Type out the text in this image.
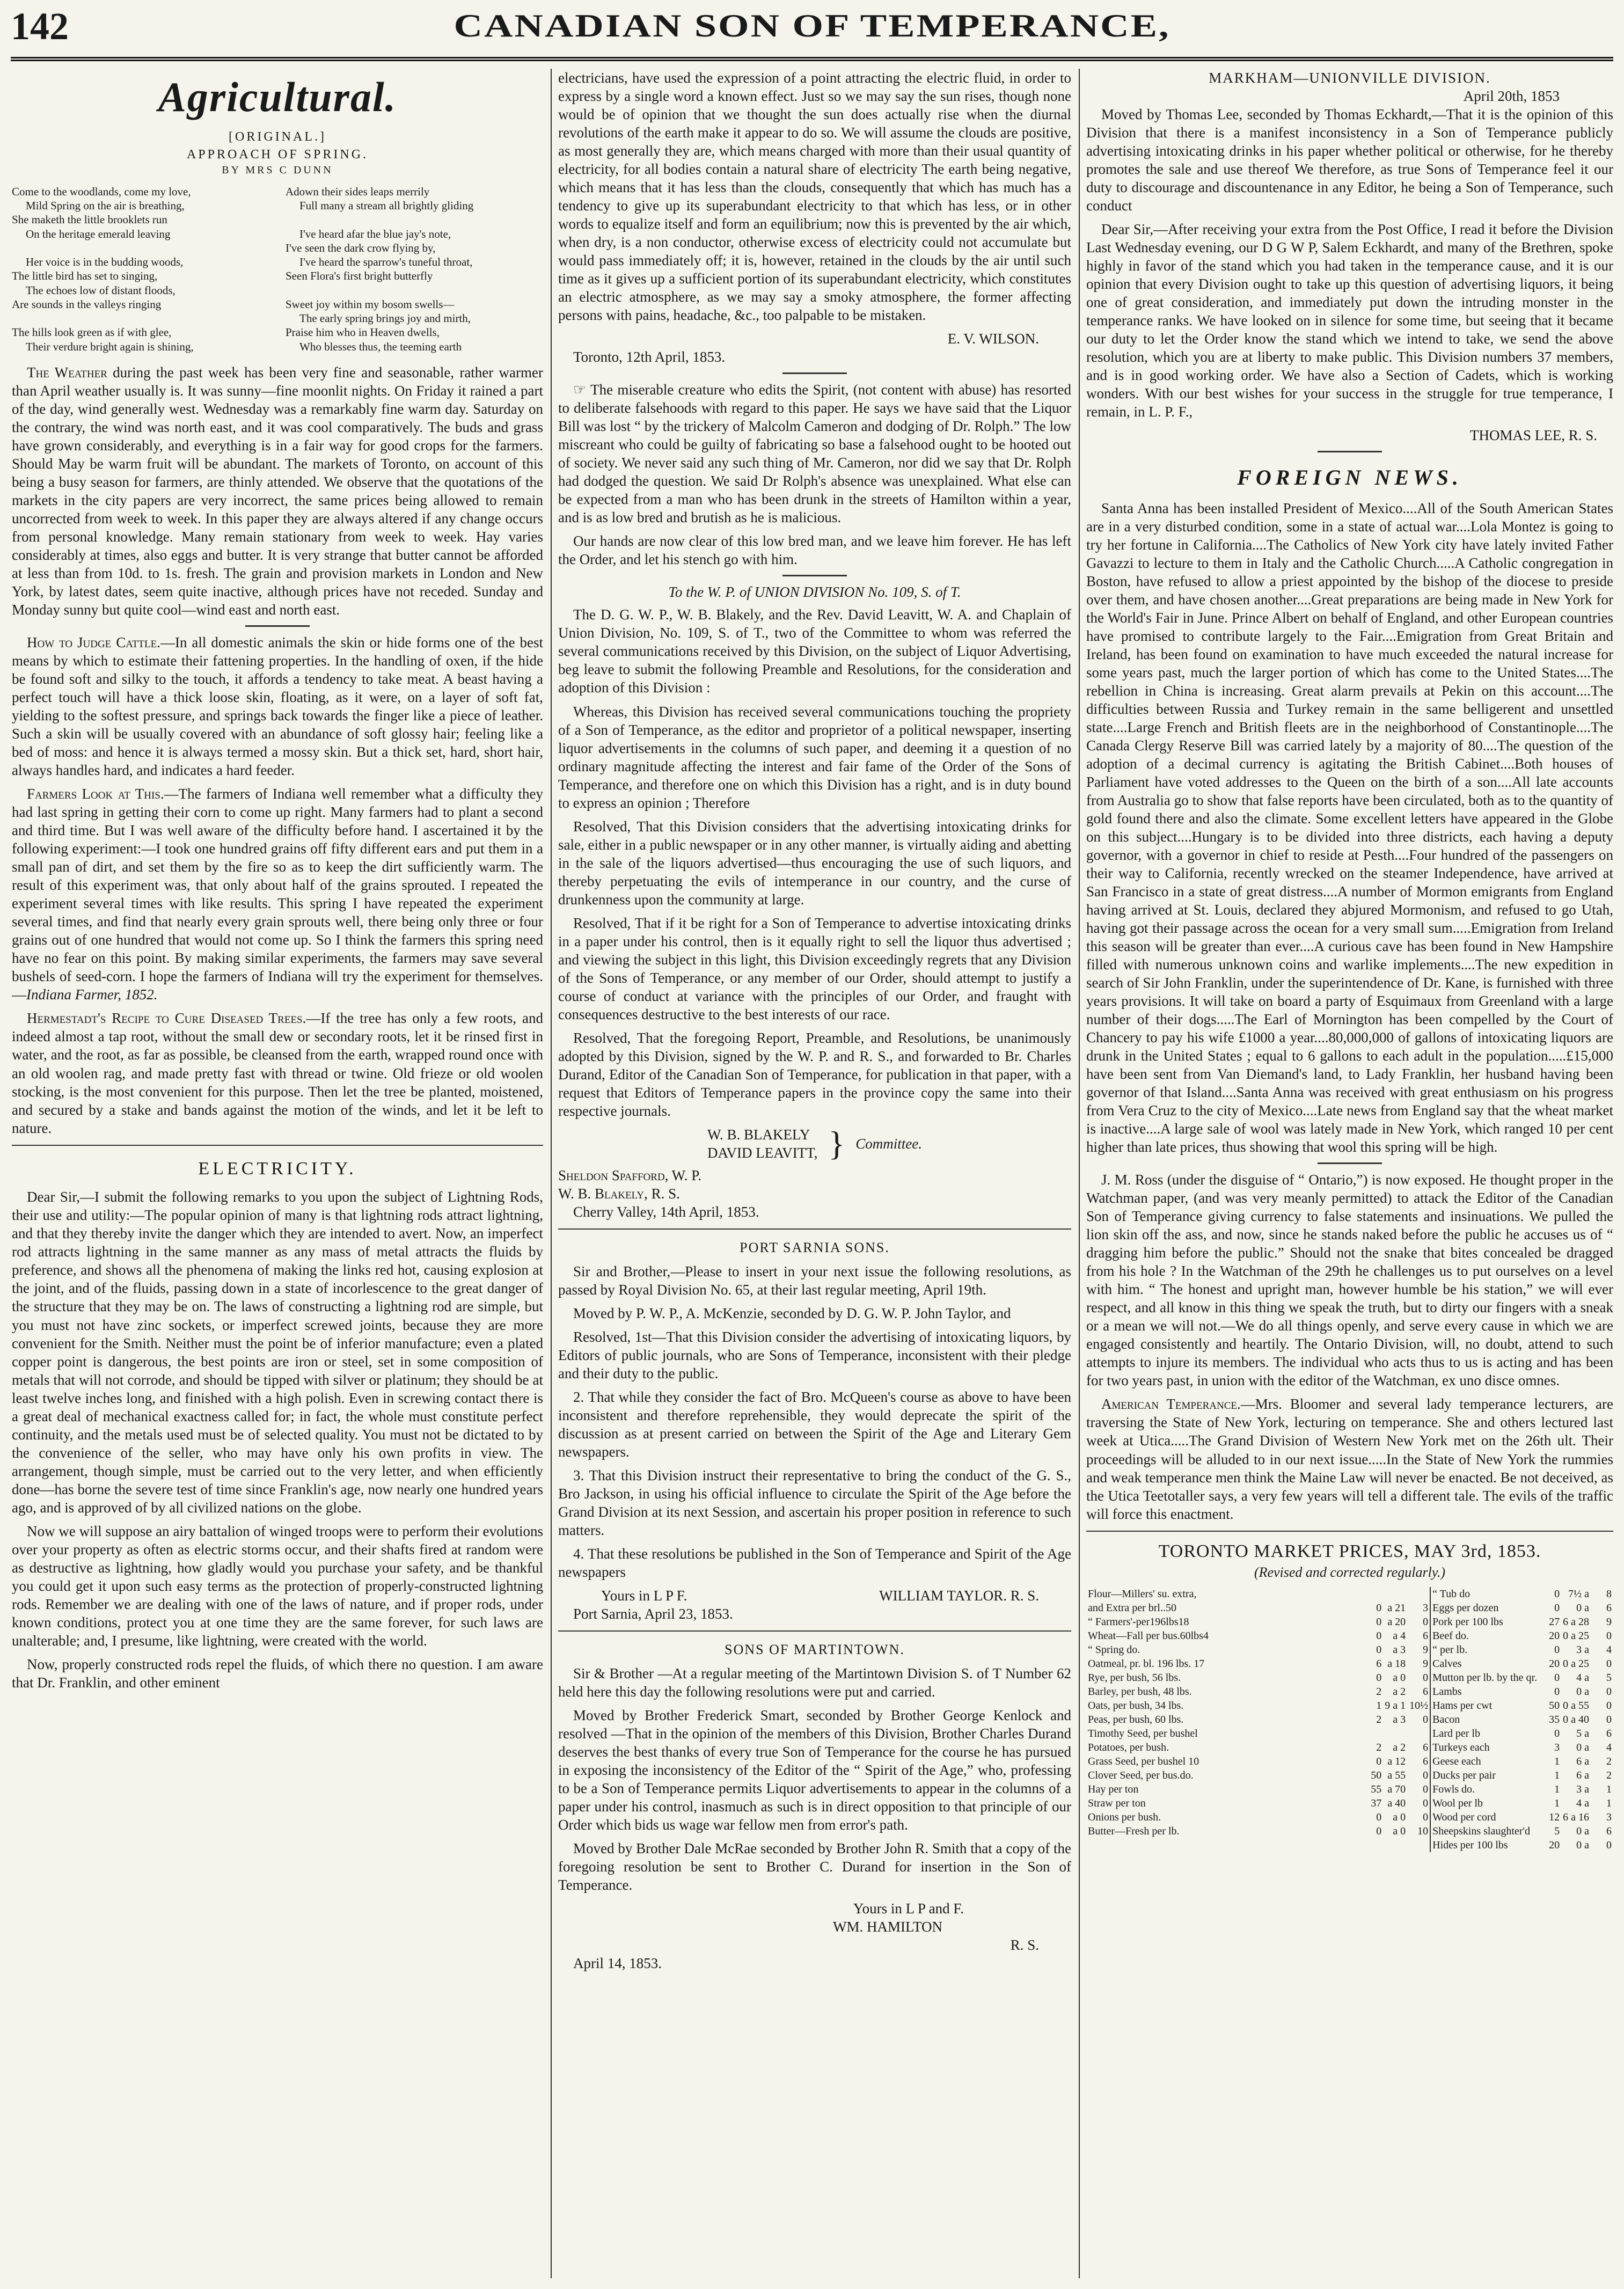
142	CANADIAN SON OF TEMPERANCE,
Agricultural.
[ORIGINAL.]
APPROACH OF SPRING.
BY MRS C DUNN
Come to the woodlands, come my love,
Mild Spring on the air is breathing,
She maketh the little brooklets run
On the heritage emerald leaving

Her voice is in the budding woods,
The little bird has set to singing,
The echoes low of distant floods,
Are sounds in the valleys ringing

The hills look green as if with glee,
Their verdure bright again is shining,
Adown their sides leaps merrily
Full many a stream all brightly gliding

I've heard afar the blue jay's note,
I've seen the dark crow flying by,
I've heard the sparrow's tuneful throat,
Seen Flora's first bright butterfly

Sweet joy within my bosom swells—
The early spring brings joy and mirth,
Praise him who in Heaven dwells,
Who blesses thus, the teeming earth

The Weather during the past week has been very fine and seasonable, rather warmer than April weather usually is. It was sunny—fine moonlit nights. On Friday it rained a part of the day, wind generally west. Wednesday was a remarkably fine warm day. Saturday on the contrary, the wind was north east, and it was cool comparatively. The buds and grass have grown considerably, and everything is in a fair way for good crops for the farmers. Should May be warm fruit will be abundant. The markets of Toronto, on account of this being a busy season for farmers, are thinly attended. We observe that the quotations of the markets in the city papers are very incorrect, the same prices being allowed to remain uncorrected from week to week. In this paper they are always altered if any change occurs from personal knowledge. Many remain stationary from week to week. Hay varies considerably at times, also eggs and butter. It is very strange that butter cannot be afforded at less than from 10d. to 1s. fresh. The grain and provision markets in London and New York, by latest dates, seem quite inactive, although prices have not receded. Sunday and Monday sunny but quite cool—wind east and north east.

How to Judge Cattle.—In all domestic animals the skin or hide forms one of the best means by which to estimate their fattening properties. In the handling of oxen, if the hide be found soft and silky to the touch, it affords a tendency to take meat. A beast having a perfect touch will have a thick loose skin, floating, as it were, on a layer of soft fat, yielding to the softest pressure, and springs back towards the finger like a piece of leather. Such a skin will be usually covered with an abundance of soft glossy hair; feeling like a bed of moss: and hence it is always termed a mossy skin. But a thick set, hard, short hair, always handles hard, and indicates a hard feeder.

Farmers Look at This.—The farmers of Indiana well remember what a difficulty they had last spring in getting their corn to come up right. Many farmers had to plant a second and third time. But I was well aware of the difficulty before hand. I ascertained it by the following experiment:—I took one hundred grains off fifty different ears and put them in a small pan of dirt, and set them by the fire so as to keep the dirt sufficiently warm. The result of this experiment was, that only about half of the grains sprouted. I repeated the experiment several times with like results. This spring I have repeated the experiment several times, and find that nearly every grain sprouts well, there being only three or four grains out of one hundred that would not come up. So I think the farmers this spring need have no fear on this point. By making similar experiments, the farmers may save several bushels of seed-corn. I hope the farmers of Indiana will try the experiment for themselves.—Indiana Farmer, 1852.

Hermestadt's Recipe to Cure Diseased Trees.—If the tree has only a few roots, and indeed almost a tap root, without the small dew or secondary roots, let it be rinsed first in water, and the root, as far as possible, be cleansed from the earth, wrapped round once with an old woolen rag, and made pretty fast with thread or twine. Old frieze or old woolen stocking, is the most convenient for this purpose. Then let the tree be planted, moistened, and secured by a stake and bands against the motion of the winds, and let it be left to nature.

ELECTRICITY.

Dear Sir,—I submit the following remarks to you upon the subject of Lightning Rods, their use and utility:—The popular opinion of many is that lightning rods attract lightning, and that they thereby invite the danger which they are intended to avert. Now, an imperfect rod attracts lightning in the same manner as any mass of metal attracts the fluids by preference, and shows all the phenomena of making the links red hot, causing explosion at the joint, and of the fluids, passing down in a state of incorlescence to the great danger of the structure that they may be on. The laws of constructing a lightning rod are simple, but you must not have zinc sockets, or imperfect screwed joints, because they are more convenient for the Smith. Neither must the point be of inferior manufacture; even a plated copper point is dangerous, the best points are iron or steel, set in some composition of metals that will not corrode, and should be tipped with silver or platinum; they should be at least twelve inches long, and finished with a high polish. Even in screwing contact there is a great deal of mechanical exactness called for; in fact, the whole must constitute perfect continuity, and the metals used must be of selected quality. You must not be dictated to by the convenience of the seller, who may have only his own profits in view. The arrangement, though simple, must be carried out to the very letter, and when efficiently done—has borne the severe test of time since Franklin's age, now nearly one hundred years ago, and is approved of by all civilized nations on the globe.

Now we will suppose an airy battalion of winged troops were to perform their evolutions over your property as often as electric storms occur, and their shafts fired at random were as destructive as lightning, how gladly would you purchase your safety, and be thankful you could get it upon such easy terms as the protection of properly-constructed lightning rods. Remember we are dealing with one of the laws of nature, and if proper rods, under known conditions, protect you at one time they are the same forever, for such laws are unalterable; and, I presume, like lightning, were created with the world.

Now, properly constructed rods repel the fluids, of which there no question. I am aware that Dr. Franklin, and other eminent

electricians, have used the expression of a point attracting the electric fluid, in order to express by a single word a known effect. Just so we may say the sun rises, though none would be of opinion that we thought the sun does actually rise when the diurnal revolutions of the earth make it appear to do so. We will assume the clouds are positive, as most generally they are, which means charged with more than their usual quantity of electricity, for all bodies contain a natural share of electricity The earth being negative, which means that it has less than the clouds, consequently that which has much has a tendency to give up its superabundant electricity to that which has less, or in other words to equalize itself and form an equilibrium; now this is prevented by the air which, when dry, is a non conductor, otherwise excess of electricity could not accumulate but would pass immediately off; it is, however, retained in the clouds by the air until such time as it gives up a sufficient portion of its superabundant electricity, which constitutes an electric atmosphere, as we may say a smoky atmosphere, the former affecting persons with pains, headache, &c., too palpable to be mistaken.

E. V. WILSON.

Toronto, 12th April, 1853.

☞ The miserable creature who edits the Spirit, (not content with abuse) has resorted to deliberate falsehoods with regard to this paper. He says we have said that the Liquor Bill was lost “ by the trickery of Malcolm Cameron and dodging of Dr. Rolph.” The low miscreant who could be guilty of fabricating so base a falsehood ought to be hooted out of society. We never said any such thing of Mr. Cameron, nor did we say that Dr. Rolph had dodged the question. We said Dr Rolph's absence was unexplained. What else can be expected from a man who has been drunk in the streets of Hamilton within a year, and is as low bred and brutish as he is malicious.

Our hands are now clear of this low bred man, and we leave him forever. He has left the Order, and let his stench go with him.

To the W. P. of UNION DIVISION No. 109, S. of T.

The D. G. W. P., W. B. Blakely, and the Rev. David Leavitt, W. A. and Chaplain of Union Division, No. 109, S. of T., two of the Committee to whom was referred the several communications received by this Division, on the subject of Liquor Advertising, beg leave to submit the following Preamble and Resolutions, for the consideration and adoption of this Division :

Whereas, this Division has received several communications touching the propriety of a Son of Temperance, as the editor and proprietor of a political newspaper, inserting liquor advertisements in the columns of such paper, and deeming it a question of no ordinary magnitude affecting the interest and fair fame of the Order of the Sons of Temperance, and therefore one on which this Division has a right, and is in duty bound to express an opinion ; Therefore

Resolved, That this Division considers that the advertising intoxicating drinks for sale, either in a public newspaper or in any other manner, is virtually aiding and abetting in the sale of the liquors advertised—thus encouraging the use of such liquors, and thereby perpetuating the evils of intemperance in our country, and the curse of drunkenness upon the community at large.

Resolved, That if it be right for a Son of Temperance to advertise intoxicating drinks in a paper under his control, then is it equally right to sell the liquor thus advertised ; and viewing the subject in this light, this Division exceedingly regrets that any Division of the Sons of Temperance, or any member of our Order, should attempt to justify a course of conduct at variance with the principles of our Order, and fraught with consequences destructive to the best interests of our race.

Resolved, That the foregoing Report, Preamble, and Resolutions, be unanimously adopted by this Division, signed by the W. P. and R. S., and forwarded to Br. Charles Durand, Editor of the Canadian Son of Temperance, for publication in that paper, with a request that Editors of Temperance papers in the province copy the same into their respective journals.

W. B. BLAKELY
DAVID LEAVITT, } Committee.
Sheldon Spafford, W. P.
W. B. Blakely, R. S.

Cherry Valley, 14th April, 1853.

PORT SARNIA SONS.

Sir and Brother,—Please to insert in your next issue the following resolutions, as passed by Royal Division No. 65, at their last regular meeting, April 19th.

Moved by P. W. P., A. McKenzie, seconded by D. G. W. P. John Taylor, and

Resolved, 1st—That this Division consider the advertising of intoxicating liquors, by Editors of public journals, who are Sons of Temperance, inconsistent with their pledge and their duty to the public.

2. That while they consider the fact of Bro. McQueen's course as above to have been inconsistent and therefore reprehensible, they would deprecate the spirit of the discussion as at present carried on between the Spirit of the Age and Literary Gem newspapers.

3. That this Division instruct their representative to bring the conduct of the G. S., Bro Jackson, in using his official influence to circulate the Spirit of the Age before the Grand Division at its next Session, and ascertain his proper position in reference to such matters.

4. That these resolutions be published in the Son of Temperance and Spirit of the Age newspapers

Yours in L P F.	WILLIAM TAYLOR. R. S.

Port Sarnia, April 23, 1853.

SONS OF MARTINTOWN.

Sir & Brother —At a regular meeting of the Martintown Division S. of T Number 62 held here this day the following resolutions were put and carried.

Moved by Brother Frederick Smart, seconded by Brother George Kenlock and resolved —That in the opinion of the members of this Division, Brother Charles Durand deserves the best thanks of every true Son of Temperance for the course he has pursued in exposing the inconsistency of the Editor of the “ Spirit of the Age,” who, professing to be a Son of Temperance permits Liquor advertisements to appear in the columns of a paper under his control, inasmuch as such is in direct opposition to that principle of our Order which bids us wage war fellow men from error's path.

Moved by Brother Dale McRae seconded by Brother John R. Smith that a copy of the foregoing resolution be sent to Brother C. Durand for insertion in the Son of Temperance.

Yours in L P and F.
WM. HAMILTON
R. S.

April 14, 1853.

MARKHAM—UNIONVILLE DIVISION.
April 20th, 1853

Moved by Thomas Lee, seconded by Thomas Eckhardt,—That it is the opinion of this Division that there is a manifest inconsistency in a Son of Temperance publicly advertising intoxicating drinks in his paper whether political or otherwise, for he thereby promotes the sale and use thereof We therefore, as true Sons of Temperance feel it our duty to discourage and discountenance in any Editor, he being a Son of Temperance, such conduct

Dear Sir,—After receiving your extra from the Post Office, I read it before the Division Last Wednesday evening, our D G W P, Salem Eckhardt, and many of the Brethren, spoke highly in favor of the stand which you had taken in the temperance cause, and it is our opinion that every Division ought to take up this question of advertising liquors, it being one of great consideration, and immediately put down the intruding monster in the temperance ranks. We have looked on in silence for some time, but seeing that it became our duty to let the Order know the stand which we intend to take, we send the above resolution, which you are at liberty to make public. This Division numbers 37 members, and is in good working order. We have also a Section of Cadets, which is working wonders. With our best wishes for your success in the struggle for true temperance, I remain, in L. P. F.,

THOMAS LEE, R. S.
FOREIGN NEWS.

Santa Anna has been installed President of Mexico....All of the South American States are in a very disturbed condition, some in a state of actual war....Lola Montez is going to try her fortune in California....The Catholics of New York city have lately invited Father Gavazzi to lecture to them in Italy and the Catholic Church.....A Catholic congregation in Boston, have refused to allow a priest appointed by the bishop of the diocese to preside over them, and have chosen another....Great preparations are being made in New York for the World's Fair in June. Prince Albert on behalf of England, and other European countries have promised to contribute largely to the Fair....Emigration from Great Britain and Ireland, has been found on examination to have much exceeded the natural increase for some years past, much the larger portion of which has come to the United States....The rebellion in China is increasing. Great alarm prevails at Pekin on this account....The difficulties between Russia and Turkey remain in the same belligerent and unsettled state....Large French and British fleets are in the neighborhood of Constantinople....The Canada Clergy Reserve Bill was carried lately by a majority of 80....The question of the adoption of a decimal currency is agitating the British Cabinet....Both houses of Parliament have voted addresses to the Queen on the birth of a son....All late accounts from Australia go to show that false reports have been circulated, both as to the quantity of gold found there and also the climate. Some excellent letters have appeared in the Globe on this subject....Hungary is to be divided into three districts, each having a deputy governor, with a governor in chief to reside at Pesth....Four hundred of the passengers on their way to California, recently wrecked on the steamer Independence, have arrived at San Francisco in a state of great distress....A number of Mormon emigrants from England having arrived at St. Louis, declared they abjured Mormonism, and refused to go Utah, having got their passage across the ocean for a very small sum.....Emigration from Ireland this season will be greater than ever....A curious cave has been found in New Hampshire filled with numerous unknown coins and warlike implements....The new expedition in search of Sir John Franklin, under the superintendence of Dr. Kane, is furnished with three years provisions. It will take on board a party of Esquimaux from Greenland with a large number of their dogs.....The Earl of Mornington has been compelled by the Court of Chancery to pay his wife £1000 a year....80,000,000 of gallons of intoxicating liquors are drunk in the United States ; equal to 6 gallons to each adult in the population.....£15,000 have been sent from Van Diemand's land, to Lady Franklin, her husband having been governor of that Island....Santa Anna was received with great enthusiasm on his progress from Vera Cruz to the city of Mexico....Late news from England say that the wheat market is inactive....A large sale of wool was lately made in New York, which ranged 10 per cent higher than late prices, thus showing that wool this spring will be high.

J. M. Ross (under the disguise of “ Ontario,”) is now exposed. He thought proper in the Watchman paper, (and was very meanly permitted) to attack the Editor of the Canadian Son of Temperance giving currency to false statements and insinuations. We pulled the lion skin off the ass, and now, since he stands naked before the public he accuses us of “ dragging him before the public.” Should not the snake that bites concealed be dragged from his hole ? In the Watchman of the 29th he challenges us to put ourselves on a level with him. “ The honest and upright man, however humble be his station,” we will ever respect, and all know in this thing we speak the truth, but to dirty our fingers with a sneak or a mean we will not.—We do all things openly, and serve every cause in which we are engaged consistently and heartily. The Ontario Division, will, no doubt, attend to such attempts to injure its members. The individual who acts thus to us is acting and has been for two years past, in union with the editor of the Watchman, ex uno disce omnes.

American Temperance.—Mrs. Bloomer and several lady temperance lecturers, are traversing the State of New York, lecturing on temperance. She and others lectured last week at Utica.....The Grand Division of Western New York met on the 26th ult. Their proceedings will be alluded to in our next issue.....In the State of New York the rummies and weak temperance men think the Maine Law will never be enacted. Be not deceived, as the Utica Teetotaller says, a very few years will tell a different tale. The evils of the traffic will force this enactment.

TORONTO MARKET PRICES, MAY 3rd, 1853.
(Revised and corrected regularly.)
Flour—Millers' su. extra,				“ Tub do	0	7½ a	8
and Extra per brl..50	0	a 21	3	Eggs per dozen	0	0 a	6
“ Farmers'-per196lbs18	0	a 20	0	Pork per 100 lbs	27	6 a 28	9
Wheat—Fall per bus.60lbs4	0	a 4	6	Beef do.	20	0 a 25	0
“ Spring do.	0	a 3	9	“ per lb.	0	3 a	4
Oatmeal, pr. bl. 196 lbs. 17	6	a 18	9	Calves	20	0 a 25	0
Rye, per bush, 56 lbs.	0	a 0	0	Mutton per lb. by the qr.	0	4 a	5
Barley, per bush, 48 lbs.	2	a 2	6	Lambs	0	0 a	0
Oats, per bush, 34 lbs.	1	9 a 1	10½	Hams per cwt	50	0 a 55	0
Peas, per bush, 60 lbs.	2	a 3	0	Bacon	35	0 a 40	0
Timothy Seed, per bushel				Lard per lb	0	5 a	6
Potatoes, per bush.	2	a 2	6	Turkeys each	3	0 a	4
Grass Seed, per bushel 10	0	a 12	6	Geese each	1	6 a	2
Clover Seed, per bus.do.	50	a 55	0	Ducks per pair	1	6 a	2
Hay per ton	55	a 70	0	Fowls do.	1	3 a	1
Straw per ton	37	a 40	0	Wool per lb	1	4 a	1
Onions per bush.	0	a 0	0	Wood per cord	12	6 a 16	3
Butter—Fresh per lb.	0	a 0	10	Sheepskins slaughter'd	5	0 a	6
				Hides per 100 lbs	20	0 a	0
